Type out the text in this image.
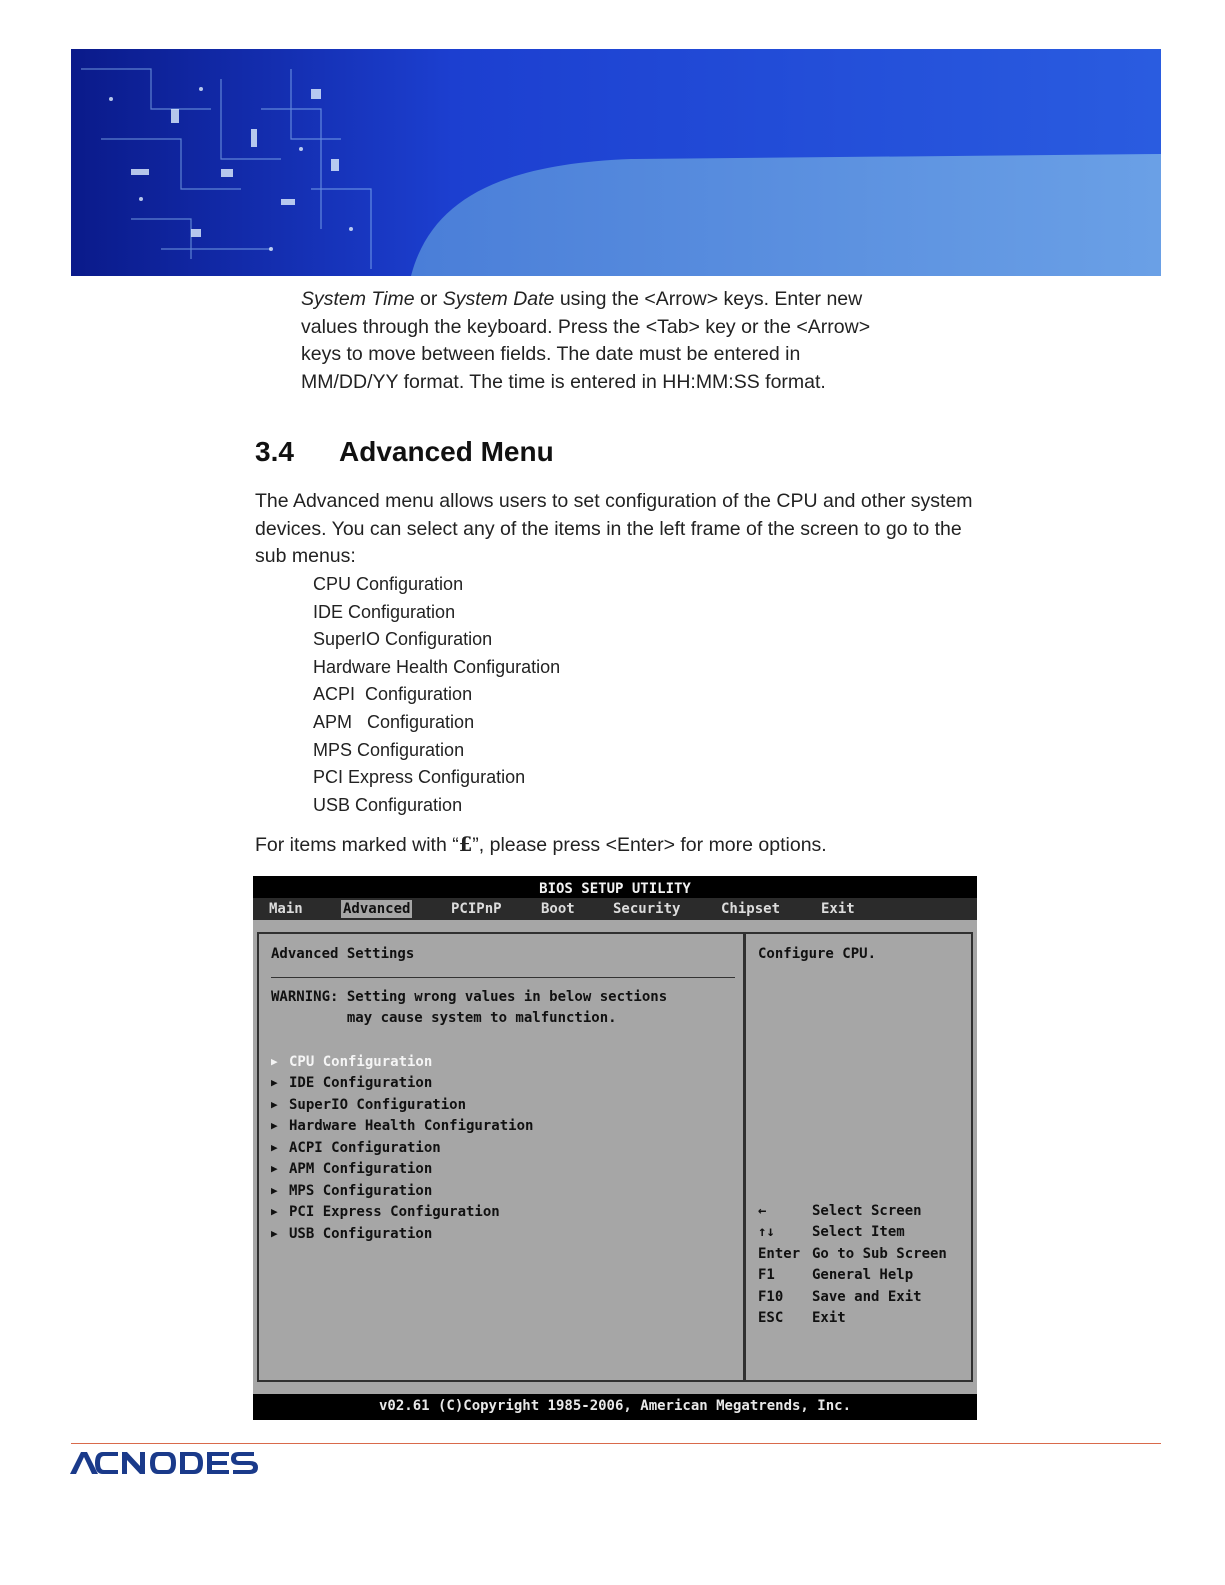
System Time or System Date using the <Arrow> keys. Enter new

values through the keyboard. Press the <Tab> key or the <Arrow>

keys to move between fields. The date must be entered in

MM/DD/YY format. The time is entered in HH:MM:SS format.

3.4 Advanced Menu

The Advanced menu allows users to set configuration of the CPU and other system devices. You can select any of the items in the left frame of the screen to go to the sub menus:

CPU Configuration
IDE Configuration
SuperIO Configuration
Hardware Health Configuration
ACPI  Configuration
APM   Configuration
MPS Configuration
PCI Express Configuration
USB Configuration

For items marked with “£”, please press <Enter> for more options.

BIOS SETUP UTILITY
Main	Advanced	PCIPnP	Boot	Security	Chipset	Exit
Advanced Settings
WARNING: Setting wrong values in below sections
may cause system to malfunction.
▶ CPU Configuration
▶ IDE Configuration
▶ SuperIO Configuration
▶ Hardware Health Configuration
▶ ACPI Configuration
▶ APM Configuration
▶ MPS Configuration
▶ PCI Express Configuration
▶ USB Configuration
Configure CPU.
←	Select Screen
↑↓	Select Item
Enter Go to Sub Screen
F1	General Help
F10 Save and Exit
ESC Exit
v02.61 (C)Copyright 1985-2006, American Megatrends, Inc.
